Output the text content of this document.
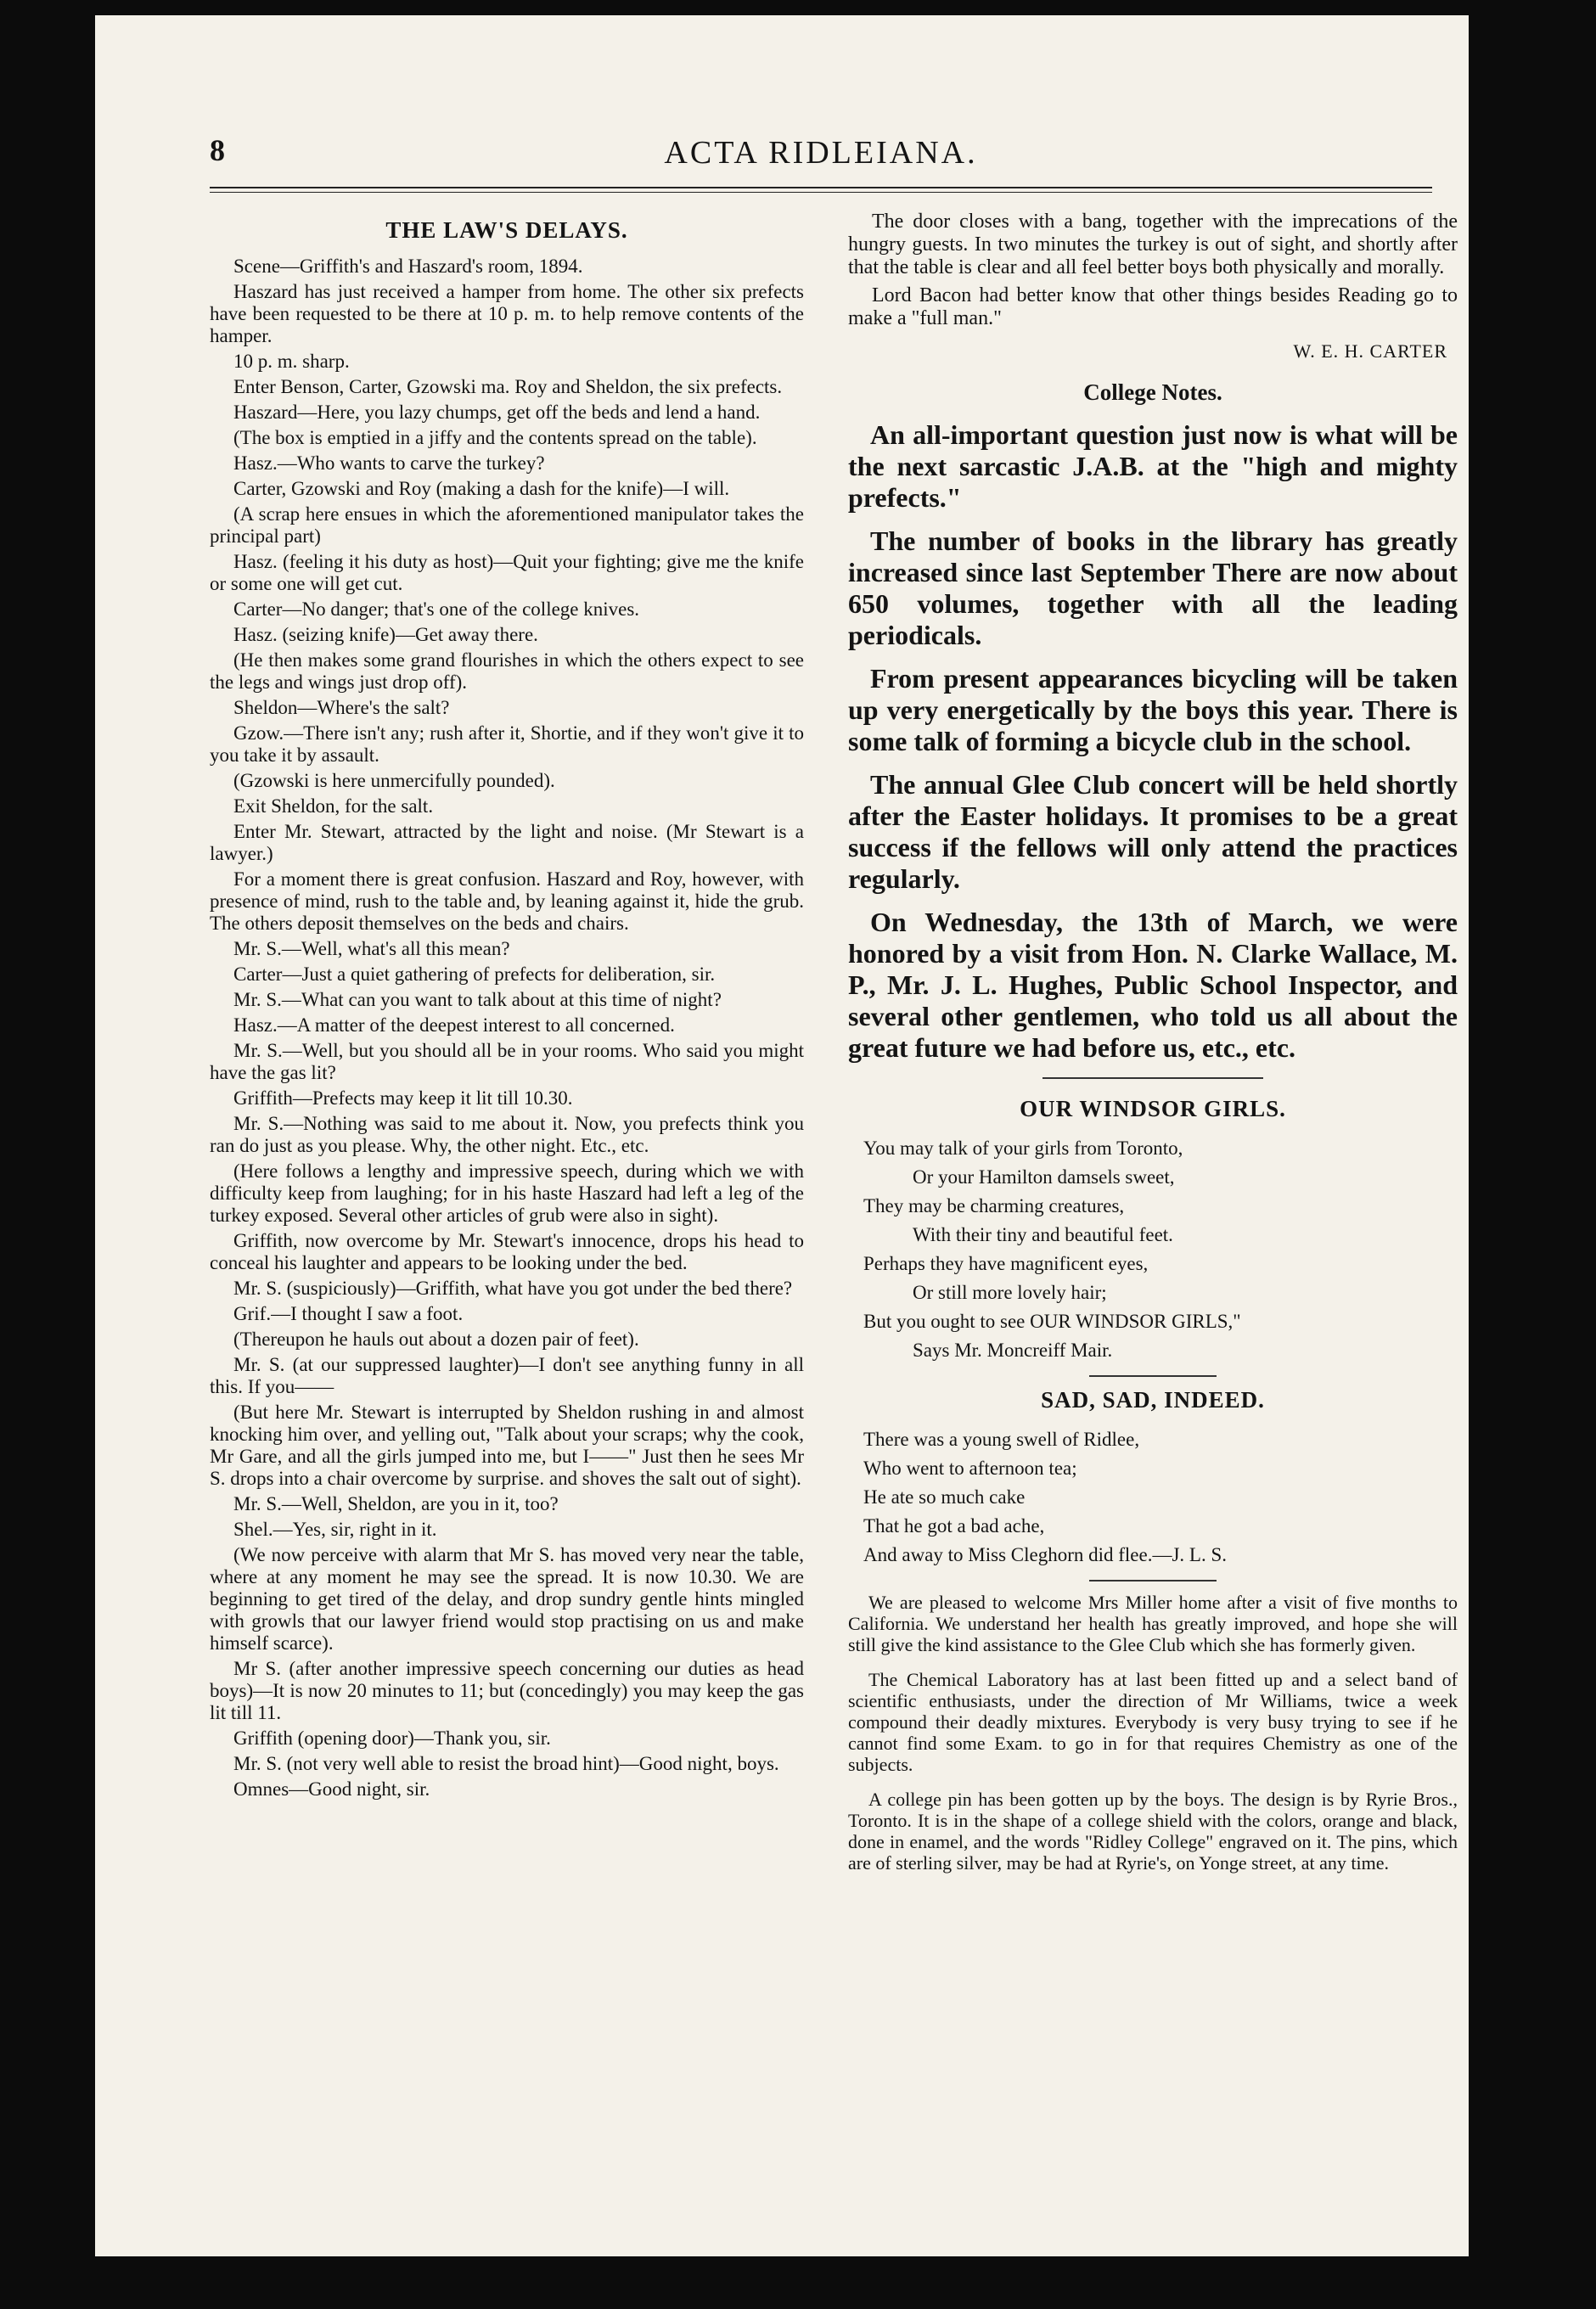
8	ACTA RIDLEIANA.
THE LAW'S DELAYS.
Scene—Griffith's and Haszard's room, 1894.
Haszard has just received a hamper from home. The other six prefects have been requested to be there at 10 p. m. to help remove contents of the hamper.
10 p. m. sharp.
Enter Benson, Carter, Gzowski ma. Roy and Sheldon, the six prefects.
Haszard—Here, you lazy chumps, get off the beds and lend a hand.
(The box is emptied in a jiffy and the contents spread on the table).
Hasz.—Who wants to carve the turkey?
Carter, Gzowski and Roy (making a dash for the knife)—I will.
(A scrap here ensues in which the aforementioned manipulator takes the principal part)
Hasz. (feeling it his duty as host)—Quit your fighting; give me the knife or some one will get cut.
Carter—No danger; that's one of the college knives.
Hasz. (seizing knife)—Get away there.
(He then makes some grand flourishes in which the others expect to see the legs and wings just drop off).
Sheldon—Where's the salt?
Gzow.—There isn't any; rush after it, Shortie, and if they won't give it to you take it by assault.
(Gzowski is here unmercifully pounded).
Exit Sheldon, for the salt.
Enter Mr. Stewart, attracted by the light and noise. (Mr Stewart is a lawyer.)
For a moment there is great confusion. Haszard and Roy, however, with presence of mind, rush to the table and, by leaning against it, hide the grub. The others deposit themselves on the beds and chairs.
Mr. S.—Well, what's all this mean?
Carter—Just a quiet gathering of prefects for deliberation, sir.
Mr. S.—What can you want to talk about at this time of night?
Hasz.—A matter of the deepest interest to all concerned.
Mr. S.—Well, but you should all be in your rooms. Who said you might have the gas lit?
Griffith—Prefects may keep it lit till 10.30.
Mr. S.—Nothing was said to me about it. Now, you prefects think you ran do just as you please. Why, the other night. Etc., etc.
(Here follows a lengthy and impressive speech, during which we with difficulty keep from laughing; for in his haste Haszard had left a leg of the turkey exposed. Several other articles of grub were also in sight).
Griffith, now overcome by Mr. Stewart's innocence, drops his head to conceal his laughter and appears to be looking under the bed.
Mr. S. (suspiciously)—Griffith, what have you got under the bed there?
Grif.—I thought I saw a foot.
(Thereupon he hauls out about a dozen pair of feet).
Mr. S. (at our suppressed laughter)—I don't see anything funny in all this. If you——
(But here Mr. Stewart is interrupted by Sheldon rushing in and almost knocking him over, and yelling out, "Talk about your scraps; why the cook, Mr Gare, and all the girls jumped into me, but I——" Just then he sees Mr S. drops into a chair overcome by surprise. and shoves the salt out of sight).
Mr. S.—Well, Sheldon, are you in it, too?
Shel.—Yes, sir, right in it.
(We now perceive with alarm that Mr S. has moved very near the table, where at any moment he may see the spread. It is now 10.30. We are beginning to get tired of the delay, and drop sundry gentle hints mingled with growls that our lawyer friend would stop practising on us and make himself scarce).
Mr S. (after another impressive speech concerning our duties as head boys)—It is now 20 minutes to 11; but (concedingly) you may keep the gas lit till 11.
Griffith (opening door)—Thank you, sir.
Mr. S. (not very well able to resist the broad hint)—Good night, boys.
Omnes—Good night, sir.
The door closes with a bang, together with the imprecations of the hungry guests. In two minutes the turkey is out of sight, and shortly after that the table is clear and all feel better boys both physically and morally.
Lord Bacon had better know that other things besides Reading go to make a "full man."
W. E. H. CARTER
College Notes.
An all-important question just now is what will be the next sarcastic J.A.B. at the "high and mighty prefects."
The number of books in the library has greatly increased since last September There are now about 650 volumes, together with all the leading periodicals.
From present appearances bicycling will be taken up very energetically by the boys this year. There is some talk of forming a bicycle club in the school.
The annual Glee Club concert will be held shortly after the Easter holidays. It promises to be a great success if the fellows will only attend the practices regularly.
On Wednesday, the 13th of March, we were honored by a visit from Hon. N. Clarke Wallace, M. P., Mr. J. L. Hughes, Public School Inspector, and several other gentlemen, who told us all about the great future we had before us, etc., etc.
OUR WINDSOR GIRLS.
You may talk of your girls from Toronto,
Or your Hamilton damsels sweet,
They may be charming creatures,
With their tiny and beautiful feet.
Perhaps they have magnificent eyes,
Or still more lovely hair;
But you ought to see OUR WINDSOR GIRLS,"
Says Mr. Moncreiff Mair.
SAD, SAD, INDEED.
There was a young swell of Ridlee,
Who went to afternoon tea;
He ate so much cake
That he got a bad ache,
And away to Miss Cleghorn did flee.—J. L. S.
We are pleased to welcome Mrs Miller home after a visit of five months to California. We understand her health has greatly improved, and hope she will still give the kind assistance to the Glee Club which she has formerly given.
The Chemical Laboratory has at last been fitted up and a select band of scientific enthusiasts, under the direction of Mr Williams, twice a week compound their deadly mixtures. Everybody is very busy trying to see if he cannot find some Exam. to go in for that requires Chemistry as one of the subjects.
A college pin has been gotten up by the boys. The design is by Ryrie Bros., Toronto. It is in the shape of a college shield with the colors, orange and black, done in enamel, and the words "Ridley College" engraved on it. The pins, which are of sterling silver, may be had at Ryrie's, on Yonge street, at any time.
